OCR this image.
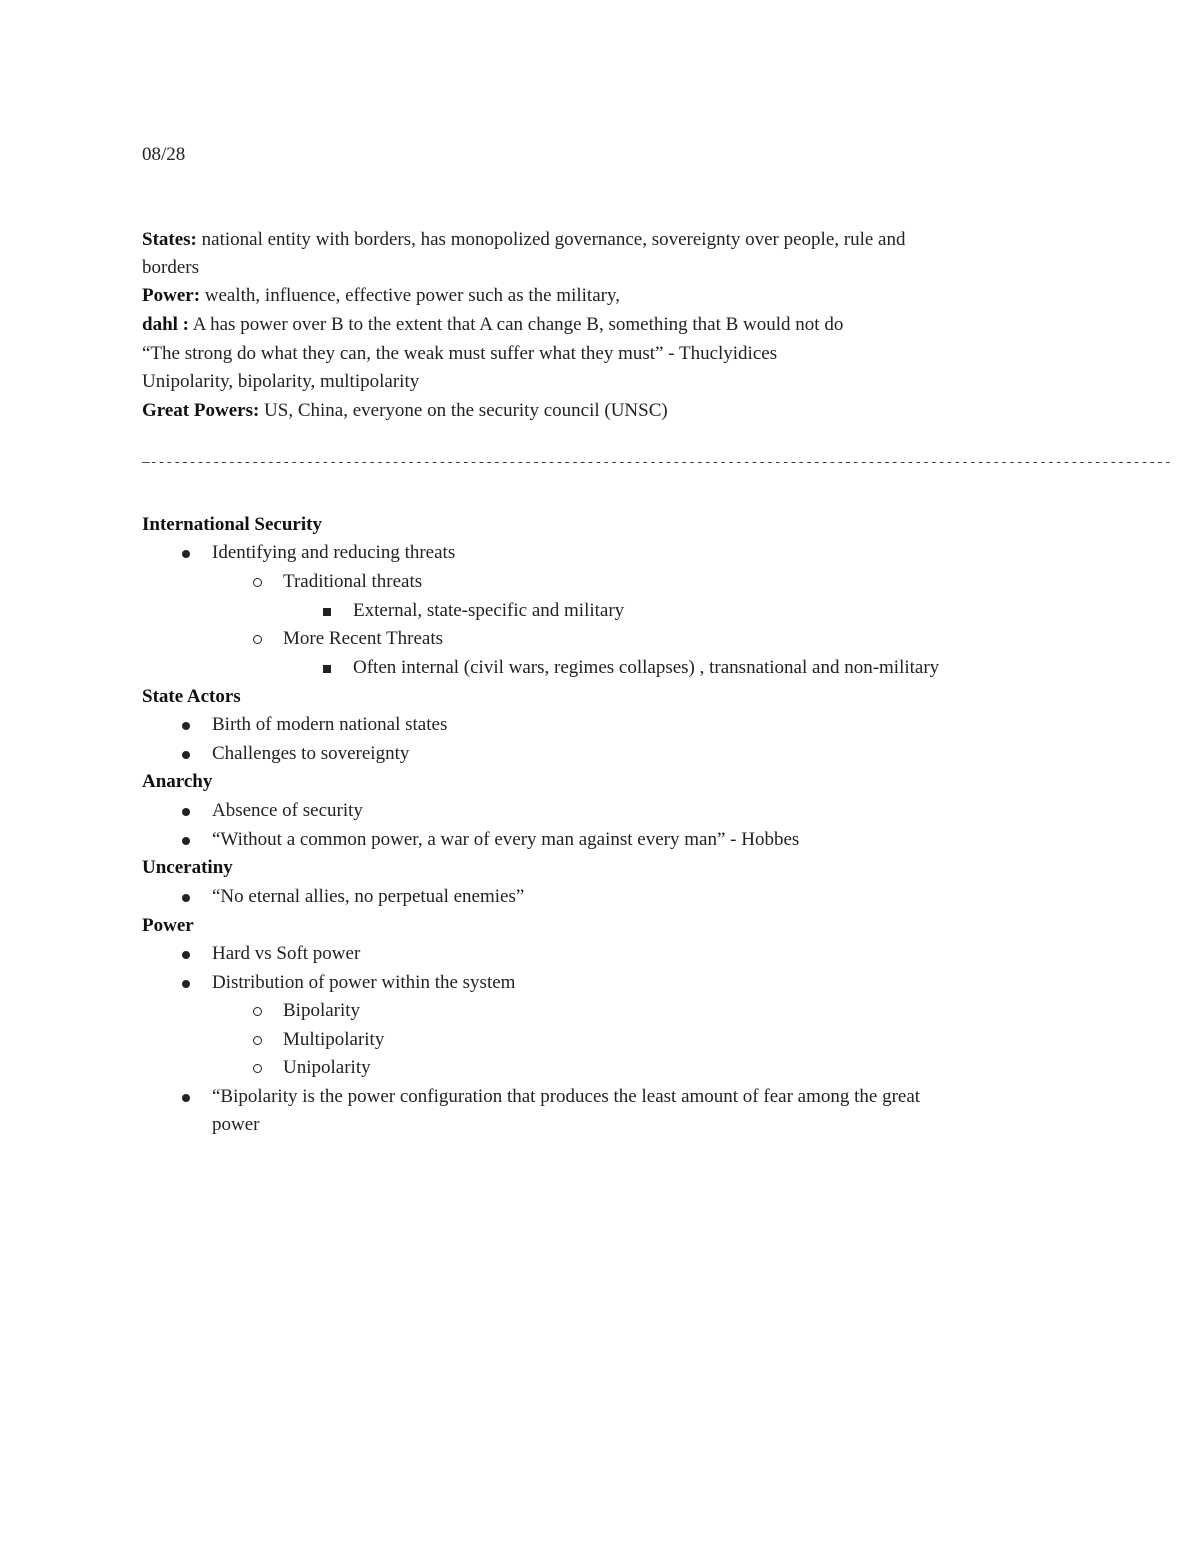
08/28
States: national entity with borders, has monopolized governance, sovereignty over people, rule and
borders
Power: wealth, influence, effective power such as the military,
dahl : A has power over B to the extent that A can change B, something that B would not do
“The strong do what they can, the weak must suffer what they must” - Thuclyidices
Unipolarity, bipolarity, multipolarity
Great Powers: US, China, everyone on the security council (UNSC)
—-----------------------------------------------------------------------------------------------------------------------------------
International Security
Identifying and reducing threats
Traditional threats
External, state-specific and military
More Recent Threats
Often internal (civil wars, regimes collapses) , transnational and non-military
State Actors
Birth of modern national states
Challenges to sovereignty
Anarchy
Absence of security
“Without a common power, a war of every man against every man” - Hobbes
Unceratiny
“No eternal allies, no perpetual enemies”
Power
Hard vs Soft power
Distribution of power within the system
Bipolarity
Multipolarity
Unipolarity
“Bipolarity is the power configuration that produces the least amount of fear among the great
power
